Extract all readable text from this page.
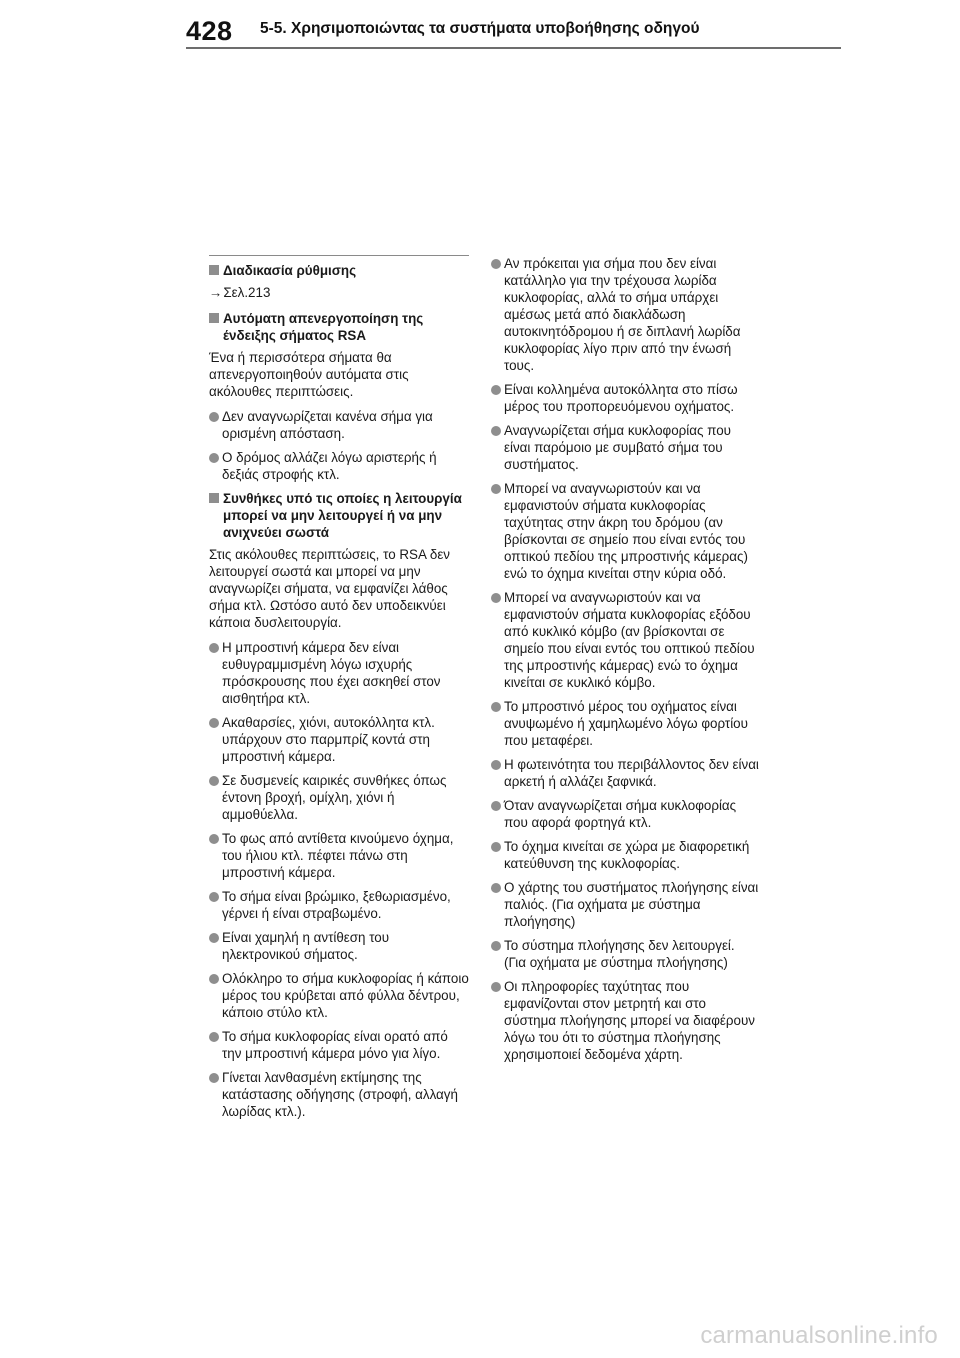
428 5-5. Χρησιμοποιώντας τα συστήματα υποβοήθησης οδηγού
Διαδικασία ρύθμισης
→Σελ.213
Αυτόματη απενεργοποίηση της ένδειξης σήματος RSA
Ένα ή περισσότερα σήματα θα απενεργοποιηθούν αυτόματα στις ακόλουθες περιπτώσεις.
Δεν αναγνωρίζεται κανένα σήμα για ορισμένη απόσταση.
Ο δρόμος αλλάζει λόγω αριστερής ή δεξιάς στροφής κτλ.
Συνθήκες υπό τις οποίες η λειτουργία μπορεί να μην λειτουργεί ή να μην ανιχνεύει σωστά
Στις ακόλουθες περιπτώσεις, το RSA δεν λειτουργεί σωστά και μπορεί να μην αναγνωρίζει σήματα, να εμφανίζει λάθος σήμα κτλ. Ωστόσο αυτό δεν υποδεικνύει κάποια δυσλειτουργία.
Η μπροστινή κάμερα δεν είναι ευθυγραμμισμένη λόγω ισχυρής πρόσκρουσης που έχει ασκηθεί στον αισθητήρα κτλ.
Ακαθαρσίες, χιόνι, αυτοκόλλητα κτλ. υπάρχουν στο παρμπρίζ κοντά στη μπροστινή κάμερα.
Σε δυσμενείς καιρικές συνθήκες όπως έντονη βροχή, ομίχλη, χιόνι ή αμμοθύελλα.
Το φως από αντίθετα κινούμενο όχημα, του ήλιου κτλ. πέφτει πάνω στη μπροστινή κάμερα.
Το σήμα είναι βρώμικο, ξεθωριασμένο, γέρνει ή είναι στραβωμένο.
Είναι χαμηλή η αντίθεση του ηλεκτρονικού σήματος.
Ολόκληρο το σήμα κυκλοφορίας ή κάποιο μέρος του κρύβεται από φύλλα δέντρου, κάποιο στύλο κτλ.
Το σήμα κυκλοφορίας είναι ορατό από την μπροστινή κάμερα μόνο για λίγο.
Γίνεται λανθασμένη εκτίμησης της κατάστασης οδήγησης (στροφή, αλλαγή λωρίδας κτλ.).
Αν πρόκειται για σήμα που δεν είναι κατάλληλο για την τρέχουσα λωρίδα κυκλοφορίας, αλλά το σήμα υπάρχει αμέσως μετά από διακλάδωση αυτοκινητόδρομου ή σε διπλανή λωρίδα κυκλοφορίας λίγο πριν από την ένωσή τους.
Είναι κολλημένα αυτοκόλλητα στο πίσω μέρος του προπορευόμενου οχήματος.
Αναγνωρίζεται σήμα κυκλοφορίας που είναι παρόμοιο με συμβατό σήμα του συστήματος.
Μπορεί να αναγνωριστούν και να εμφανιστούν σήματα κυκλοφορίας ταχύτητας στην άκρη του δρόμου (αν βρίσκονται σε σημείο που είναι εντός του οπτικού πεδίου της μπροστινής κάμερας) ενώ το όχημα κινείται στην κύρια οδό.
Μπορεί να αναγνωριστούν και να εμφανιστούν σήματα κυκλοφορίας εξόδου από κυκλικό κόμβο (αν βρίσκονται σε σημείο που είναι εντός του οπτικού πεδίου της μπροστινής κάμερας) ενώ το όχημα κινείται σε κυκλικό κόμβο.
Το μπροστινό μέρος του οχήματος είναι ανυψωμένο ή χαμηλωμένο λόγω φορτίου που μεταφέρει.
Η φωτεινότητα του περιβάλλοντος δεν είναι αρκετή ή αλλάζει ξαφνικά.
Όταν αναγνωρίζεται σήμα κυκλοφορίας που αφορά φορτηγά κτλ.
Το όχημα κινείται σε χώρα με διαφορετική κατεύθυνση της κυκλοφορίας.
Ο χάρτης του συστήματος πλοήγησης είναι παλιός. (Για οχήματα με σύστημα πλοήγησης)
Το σύστημα πλοήγησης δεν λειτουργεί. (Για οχήματα με σύστημα πλοήγησης)
Οι πληροφορίες ταχύτητας που εμφανίζονται στον μετρητή και στο σύστημα πλοήγησης μπορεί να διαφέρουν λόγω του ότι το σύστημα πλοήγησης χρησιμοποιεί δεδομένα χάρτη.
carmanualsonline.info
